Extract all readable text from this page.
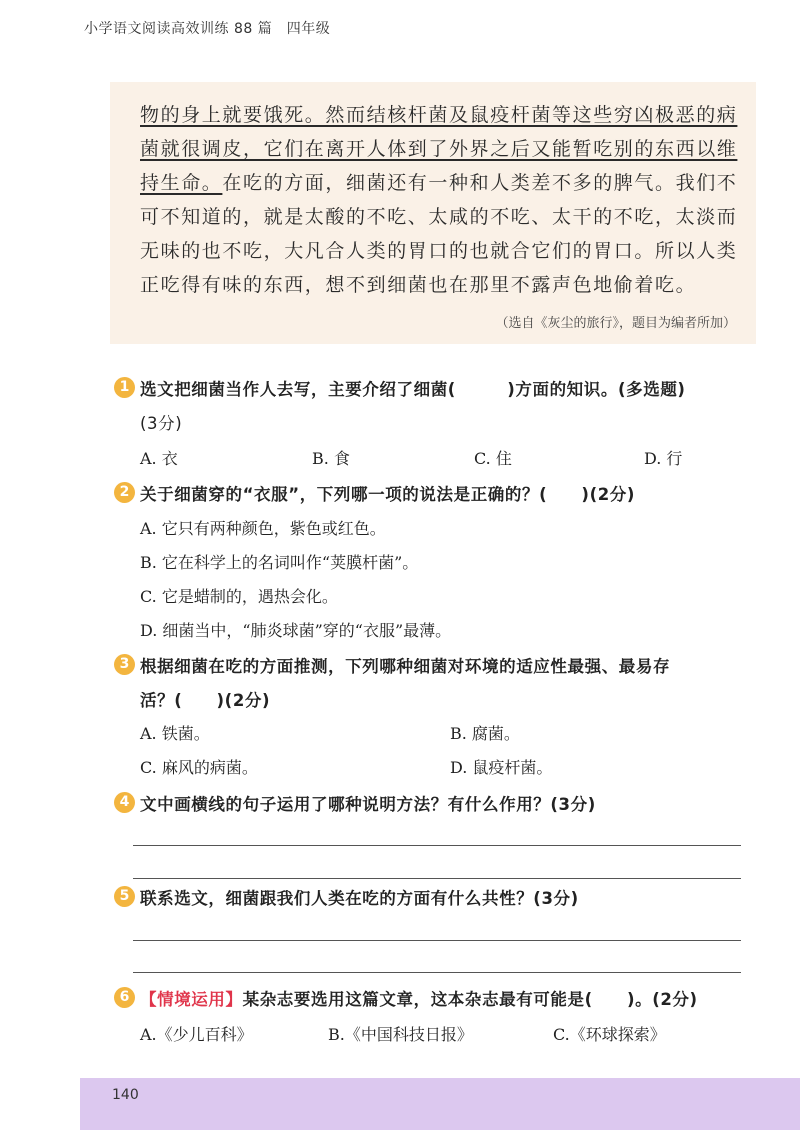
小学语文阅读高效训练 88 篇　四年级
物的身上就要饿死。然而结核杆菌及鼠疫杆菌等这些穷凶极恶的病
菌就很调皮，它们在离开人体到了外界之后又能暂吃别的东西以维
持生命。在吃的方面，细菌还有一种和人类差不多的脾气。我们不
可不知道的，就是太酸的不吃、太咸的不吃、太干的不吃，太淡而
无味的也不吃，大凡合人类的胃口的也就合它们的胃口。所以人类
正吃得有味的东西，想不到细菌也在那里不露声色地偷着吃。
（选自《灰尘的旅行》，题目为编者所加）
1 选文把细菌当作人去写，主要介绍了细菌(　　　)方面的知识。(多选题)
(3分)
A. 衣	B. 食	C. 住	D. 行
2 关于细菌穿的“衣服”，下列哪一项的说法是正确的？(　　)(2分)
A. 它只有两种颜色，紫色或红色。
B. 它在科学上的名词叫作“荚膜杆菌”。
C. 它是蜡制的，遇热会化。
D. 细菌当中，“肺炎球菌”穿的“衣服”最薄。
3 根据细菌在吃的方面推测，下列哪种细菌对环境的适应性最强、最易存
活？(　　)(2分)
A. 铁菌。	B. 腐菌。
C. 麻风的病菌。	D. 鼠疫杆菌。
4 文中画横线的句子运用了哪种说明方法？有什么作用？(3分)
5 联系选文，细菌跟我们人类在吃的方面有什么共性？(3分)
6 【情境运用】某杂志要选用这篇文章，这本杂志最有可能是(　　)。(2分)
A.《少儿百科》	B.《中国科技日报》	C.《环球探索》
140
